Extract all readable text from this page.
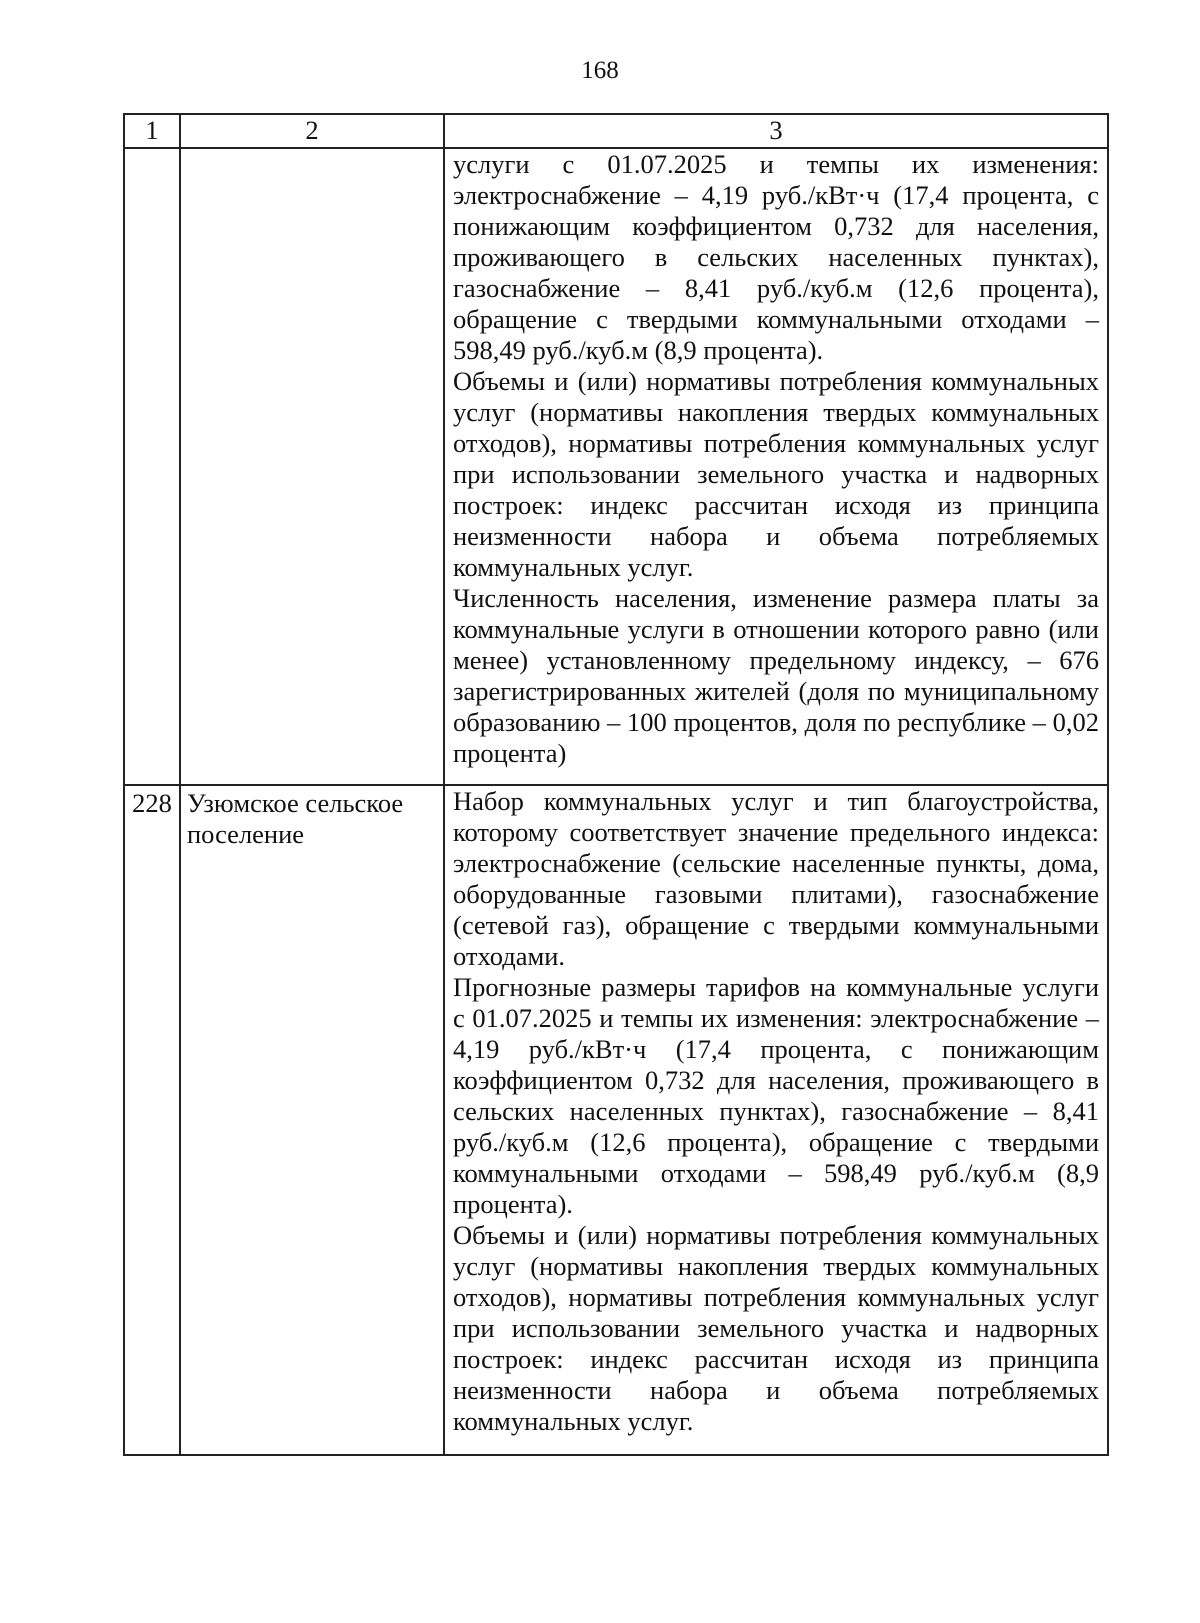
168
1	2	3

		услуги с 01.07.2025 и темпы их изменения: электроснабжение – 4,19 руб./кВт·ч (17,4 процента, с понижающим коэффициентом 0,732 для населения, проживающего в сельских населенных пунктах), газоснабжение – 8,41 руб./куб.м (12,6 процента), обращение с твердыми коммунальными отходами – 598,49 руб./куб.м (8,9 процента).

Объемы и (или) нормативы потребления коммунальных услуг (нормативы накопления твердых коммунальных отходов), нормативы потребления коммунальных услуг при использовании земельного участка и надворных построек: индекс рассчитан исходя из принципа неизменности набора и объема потребляемых коммунальных услуг.

Численность населения, изменение размера платы за коммунальные услуги в отношении которого равно (или менее) установленному предельному индексу, – 676 зарегистрированных жителей (доля по муниципальному образованию – 100 процентов, доля по республике – 0,02 процента)

228	Узюмское сельское поселение	Набор коммунальных услуг и тип благоустройства, которому соответствует значение предельного индекса: электроснабжение (сельские населенные пункты, дома, оборудованные газовыми плитами), газоснабжение (сетевой газ), обращение с твердыми коммунальными отходами.

Прогнозные размеры тарифов на коммунальные услуги с 01.07.2025 и темпы их изменения: электроснабжение – 4,19 руб./кВт·ч (17,4 процента, с понижающим коэффициентом 0,732 для населения, проживающего в сельских населенных пунктах), газоснабжение – 8,41 руб./куб.м (12,6 процента), обращение с твердыми коммунальными отходами – 598,49 руб./куб.м (8,9 процента).

Объемы и (или) нормативы потребления коммунальных услуг (нормативы накопления твердых коммунальных отходов), нормативы потребления коммунальных услуг при использовании земельного участка и надворных построек: индекс рассчитан исходя из принципа неизменности набора и объема потребляемых коммунальных услуг.
